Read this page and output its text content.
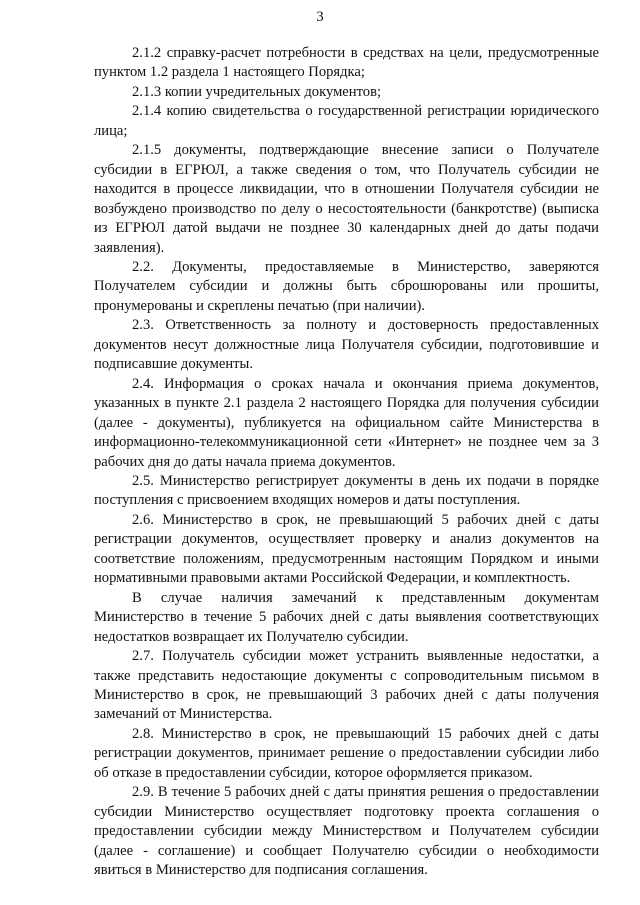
3

2.1.2 справку-расчет потребности в средствах на цели, предусмотренные пунктом 1.2 раздела 1 настоящего Порядка;

2.1.3 копии учредительных документов;

2.1.4 копию свидетельства о государственной регистрации юридического лица;

2.1.5 документы, подтверждающие внесение записи о Получателе субсидии в ЕГРЮЛ, а также сведения о том, что Получатель субсидии не находится в процессе ликвидации, что в отношении Получателя субсидии не возбуждено производство по делу о несостоятельности (банкротстве) (выписка из ЕГРЮЛ датой выдачи не позднее 30 календарных дней до даты подачи заявления).

2.2. Документы, предоставляемые в Министерство, заверяются Получателем субсидии и должны быть сброшюрованы или прошиты, пронумерованы и скреплены печатью (при наличии).

2.3. Ответственность за полноту и достоверность предоставленных документов несут должностные лица Получателя субсидии, подготовившие и подписавшие документы.

2.4. Информация о сроках начала и окончания приема документов, указанных в пункте 2.1 раздела 2 настоящего Порядка для получения субсидии (далее - документы), публикуется на официальном сайте Министерства в информационно-телекоммуникационной сети «Интернет» не позднее чем за 3 рабочих дня до даты начала приема документов.

2.5. Министерство регистрирует документы в день их подачи в порядке поступления с присвоением входящих номеров и даты поступления.

2.6. Министерство в срок, не превышающий 5 рабочих дней с даты регистрации документов, осуществляет проверку и анализ документов на соответствие положениям, предусмотренным настоящим Порядком и иными нормативными правовыми актами Российской Федерации, и комплектность.

В случае наличия замечаний к представленным документам Министерство в течение 5 рабочих дней с даты выявления соответствующих недостатков возвращает их Получателю субсидии.

2.7. Получатель субсидии может устранить выявленные недостатки, а также представить недостающие документы с сопроводительным письмом в Министерство в срок, не превышающий 3 рабочих дней с даты получения замечаний от Министерства.

2.8. Министерство в срок, не превышающий 15 рабочих дней с даты регистрации документов, принимает решение о предоставлении субсидии либо об отказе в предоставлении субсидии, которое оформляется приказом.

2.9. В течение 5 рабочих дней с даты принятия решения о предоставлении субсидии Министерство осуществляет подготовку проекта соглашения о предоставлении субсидии между Министерством и Получателем субсидии (далее - соглашение) и сообщает Получателю субсидии о необходимости явиться в Министерство для подписания соглашения.
